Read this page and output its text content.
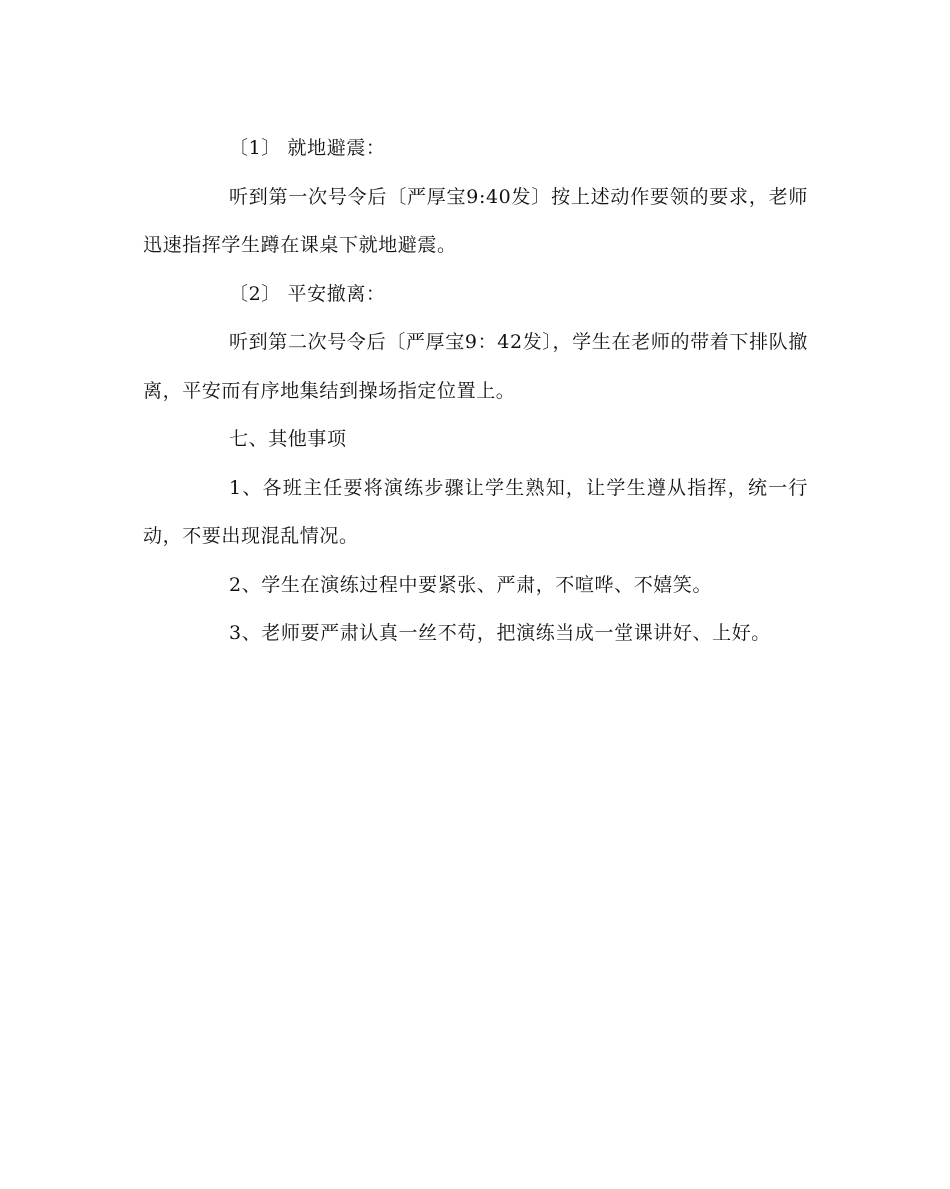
〔1〕 就地避震：

听到第一次号令后〔严厚宝9:40发〕按上述动作要领的要求，老师迅速指挥学生蹲在课桌下就地避震。

〔2〕 平安撤离：

听到第二次号令后〔严厚宝9：42发〕，学生在老师的带着下排队撤离，平安而有序地集结到操场指定位置上。

七、其他事项

1、各班主任要将演练步骤让学生熟知，让学生遵从指挥，统一行动，不要出现混乱情况。

2、学生在演练过程中要紧张、严肃，不喧哗、不嬉笑。

3、老师要严肃认真一丝不苟，把演练当成一堂课讲好、上好。
